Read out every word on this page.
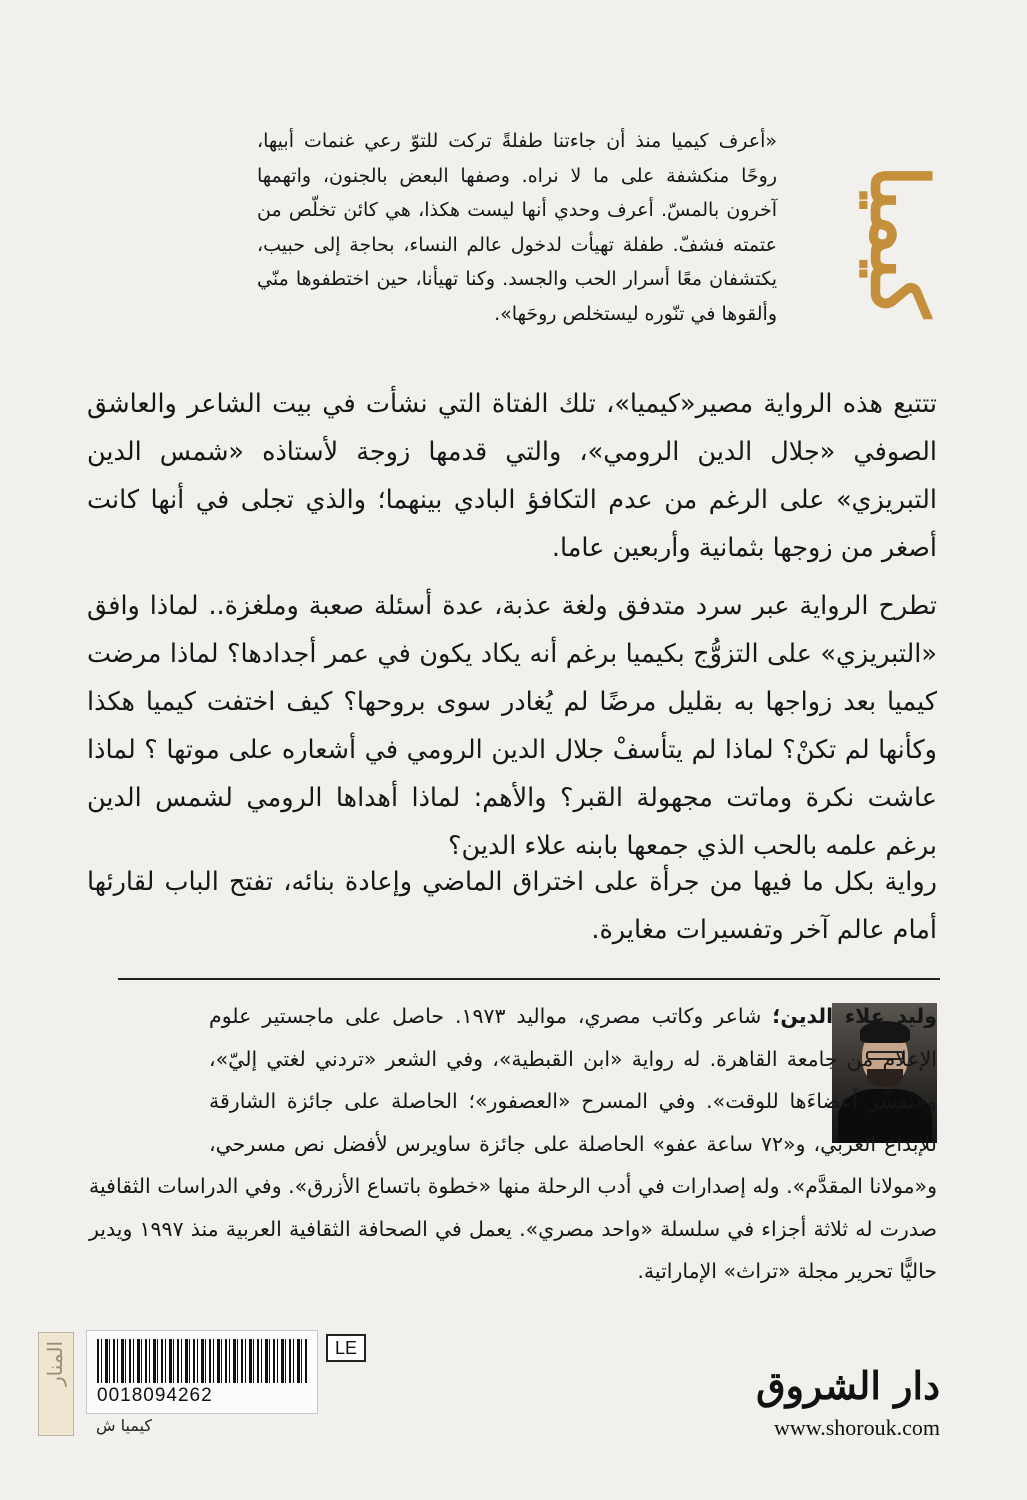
كيميا
«أعرف كيميا منذ أن جاءتنا طفلةً تركت للتوّ رعي غنمات أبيها، روحًا منكشفة على ما لا نراه. وصفها البعض بالجنون، واتهمها آخرون بالمسّ. أعرف وحدي أنها ليست هكذا، هي كائن تخلّص من عتمته فشفّ. طفلة تهيأت لدخول عالم النساء، بحاجة إلى حبيب، يكتشفان معًا أسرار الحب والجسد. وكنا تهيأنا، حين اختطفوها منّي وألقوها في تنّوره ليستخلص روحَها».
تتتبع هذه الرواية مصير«كيميا»، تلك الفتاة التي نشأت في بيت الشاعر والعاشق الصوفي «جلال الدين الرومي»، والتي قدمها زوجة لأستاذه «شمس الدين التبريزي» على الرغم من عدم التكافؤ البادي بينهما؛ والذي تجلى في أنها كانت أصغر من زوجها بثمانية وأربعين عاما.
تطرح الرواية عبر سرد متدفق ولغة عذبة، عدة أسئلة صعبة وملغزة.. لماذا وافق «التبريزي» على التزوُّج بكيميا برغم أنه يكاد يكون في عمر أجدادها؟ لماذا مرضت كيميا بعد زواجها به بقليل مرضًا لم يُغادر سوى بروحها؟ كيف اختفت كيميا هكذا وكأنها لم تكنْ؟ لماذا لم يتأسفْ جلال الدين الرومي في أشعاره على موتها ؟ لماذا عاشت نكرة وماتت مجهولة القبر؟ والأهم: لماذا أهداها الرومي لشمس الدين برغم علمه بالحب الذي جمعها بابنه علاء الدين؟
رواية بكل ما فيها من جرأة على اختراق الماضي وإعادة بنائه، تفتح الباب لقارئها أمام عالم آخر وتفسيرات مغايرة.
وليد علاء الدين؛ شاعر وكاتب مصري، مواليد ١٩٧٣. حاصل على ماجستير علوم الإعلام من جامعة القاهرة. له رواية «ابن القبطية»، وفي الشعر «تردني لغتي إليّ»، و«تُفسِّر أعضاءَها للوقت». وفي المسرح «العصفور»؛ الحاصلة على جائزة الشارقة للإبداع العربي، و«٧٢ ساعة عفو» الحاصلة على جائزة ساويرس لأفضل نص مسرحي، و«مولانا المقدَّم». وله إصدارات في أدب الرحلة منها «خطوة باتساع الأزرق». وفي الدراسات الثقافية صدرت له ثلاثة أجزاء في سلسلة «واحد مصري». يعمل في الصحافة الثقافية العربية منذ ١٩٩٧ ويدير حاليًّا تحرير مجلة «تراث» الإماراتية.
المنار
0018094262
كيميا ش
LE
دار الشروق
www.shorouk.com
